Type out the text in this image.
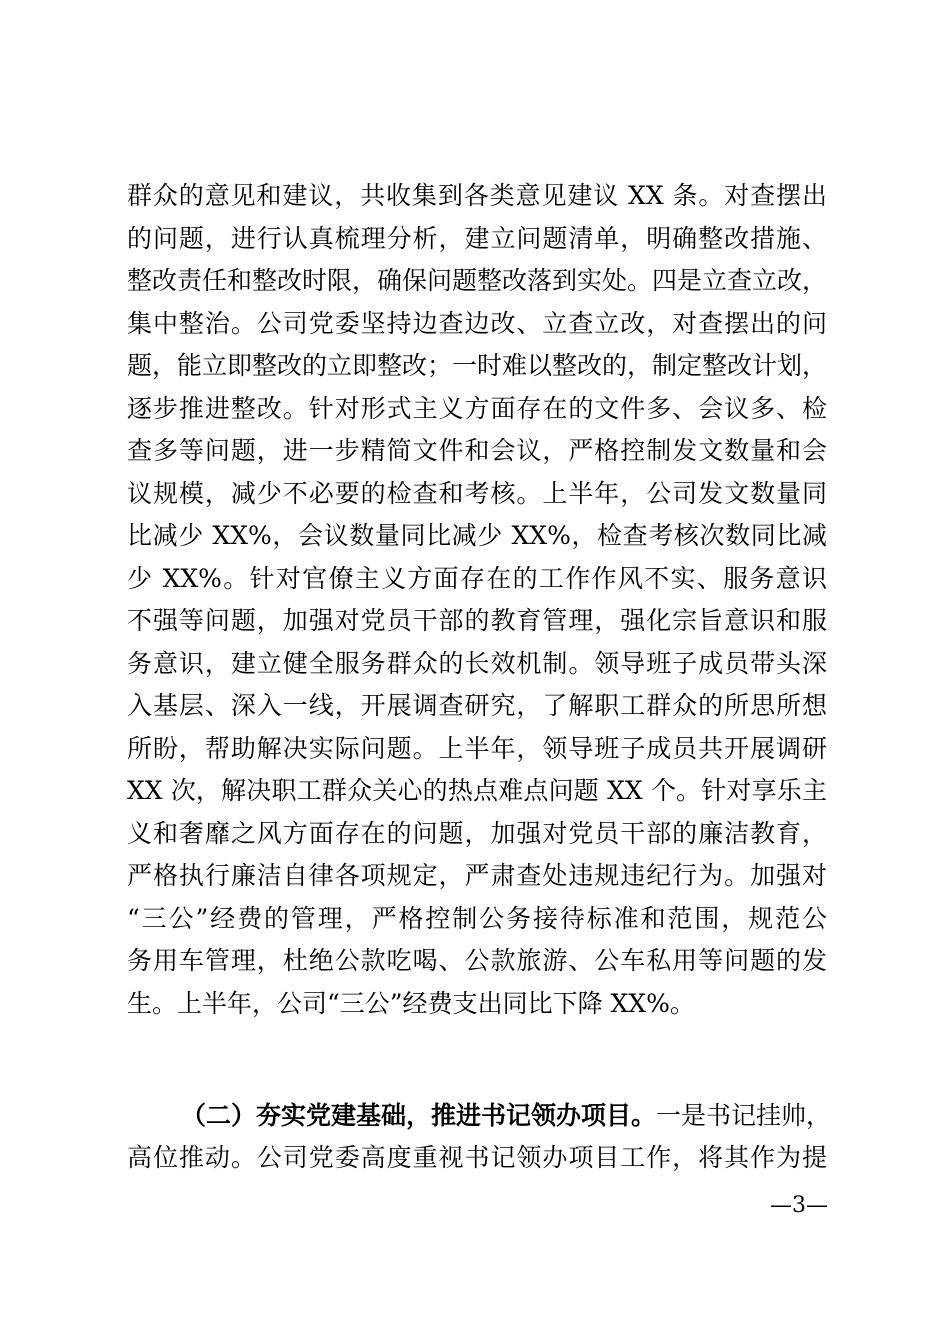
群众的意见和建议，共收集到各类意见建议 XX 条。对查摆出
的问题，进行认真梳理分析，建立问题清单，明确整改措施、
整改责任和整改时限，确保问题整改落到实处。四是立查立改，
集中整治。公司党委坚持边查边改、立查立改，对查摆出的问
题，能立即整改的立即整改；一时难以整改的，制定整改计划，
逐步推进整改。针对形式主义方面存在的文件多、会议多、检
查多等问题，进一步精简文件和会议，严格控制发文数量和会
议规模，减少不必要的检查和考核。上半年，公司发文数量同
比减少 XX%，会议数量同比减少 XX%，检查考核次数同比减
少 XX%。针对官僚主义方面存在的工作作风不实、服务意识
不强等问题，加强对党员干部的教育管理，强化宗旨意识和服
务意识，建立健全服务群众的长效机制。领导班子成员带头深
入基层、深入一线，开展调查研究，了解职工群众的所思所想
所盼，帮助解决实际问题。上半年，领导班子成员共开展调研
XX 次，解决职工群众关心的热点难点问题 XX 个。针对享乐主
义和奢靡之风方面存在的问题，加强对党员干部的廉洁教育，
严格执行廉洁自律各项规定，严肃查处违规违纪行为。加强对
“三公”经费的管理，严格控制公务接待标准和范围，规范公
务用车管理，杜绝公款吃喝、公款旅游、公车私用等问题的发
生。上半年，公司“三公”经费支出同比下降 XX%。
（二）夯实党建基础，推进书记领办项目。一是书记挂帅，
高位推动。公司党委高度重视书记领办项目工作，将其作为提
—3—
